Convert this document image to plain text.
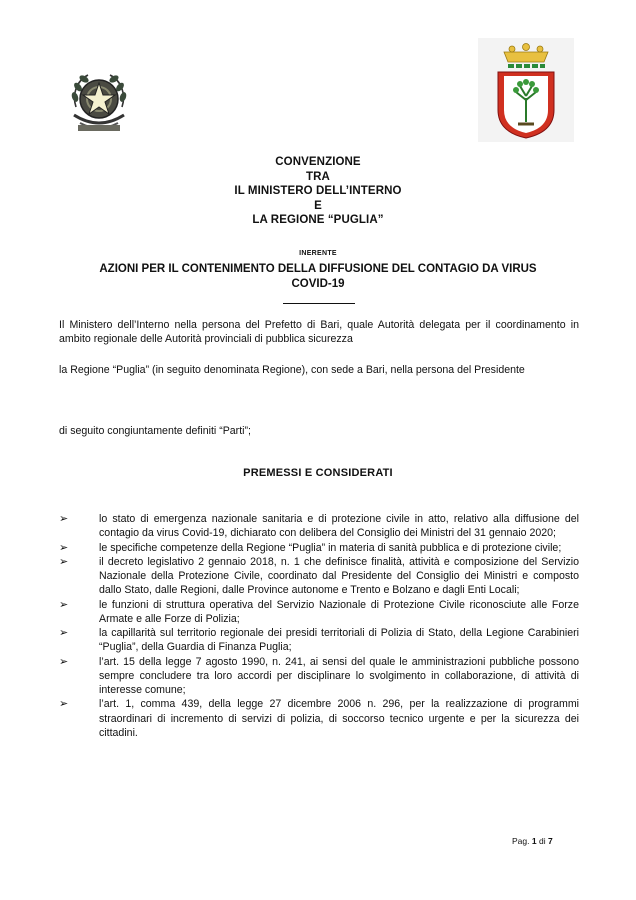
CONVENZIONE
TRA
IL MINISTERO DELL’INTERNO
E
LA REGIONE “PUGLIA”
INERENTE
AZIONI PER IL CONTENIMENTO DELLA DIFFUSIONE DEL CONTAGIO DA VIRUS
COVID-19
Il Ministero dell’Interno nella persona del Prefetto di Bari, quale Autorità delegata per il coordinamento in ambito regionale delle Autorità provinciali di pubblica sicurezza
la Regione “Puglia” (in seguito denominata Regione), con sede a Bari, nella persona del Presidente
di seguito congiuntamente definiti “Parti”;
PREMESSI E CONSIDERATI
➢	lo stato di emergenza nazionale sanitaria e di protezione civile in atto, relativo alla diffusione del contagio da virus Covid-19, dichiarato con delibera del Consiglio dei Ministri del 31 gennaio 2020;
➢	le specifiche competenze della Regione “Puglia” in materia di sanità pubblica e di protezione civile;
➢	il decreto legislativo 2 gennaio 2018, n. 1 che definisce finalità, attività e composizione del Servizio Nazionale della Protezione Civile, coordinato dal Presidente del Consiglio dei Ministri e composto dallo Stato, dalle Regioni, dalle Province autonome e Trento e Bolzano e dagli Enti Locali;
➢	le funzioni di struttura operativa del Servizio Nazionale di Protezione Civile riconosciute alle Forze Armate e alle Forze di Polizia;
➢	la capillarità sul territorio regionale dei presidi territoriali di Polizia di Stato, della Legione Carabinieri “Puglia”, della Guardia di Finanza Puglia;
➢	l’art. 15 della legge 7 agosto 1990, n. 241, ai sensi del quale le amministrazioni pubbliche possono sempre concludere tra loro accordi per disciplinare lo svolgimento in collaborazione, di attività di interesse comune;
➢	l’art. 1, comma 439, della legge 27 dicembre 2006 n. 296, per la realizzazione di programmi straordinari di incremento di servizi di polizia, di soccorso tecnico urgente e per la sicurezza dei cittadini.
Pag. 1 di 7
